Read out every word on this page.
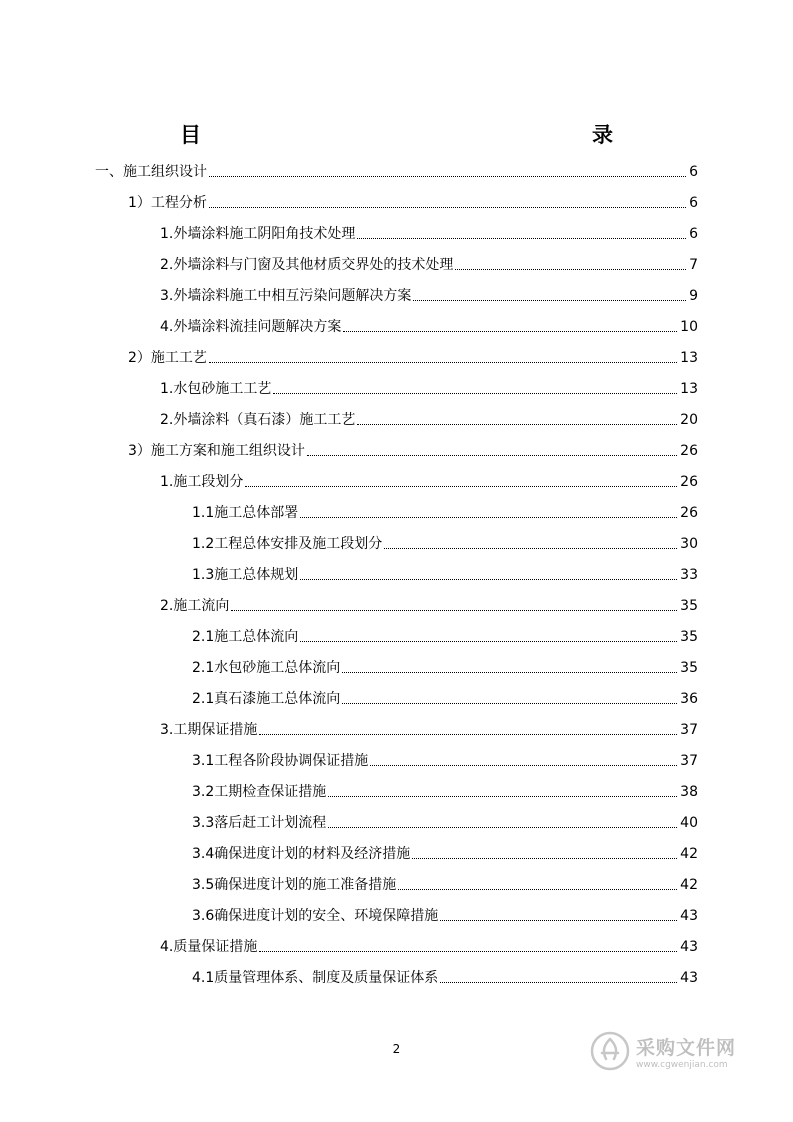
目　　　录
一、施工组织设计	6
1）工程分析	6
1.外墙涂料施工阴阳角技术处理	6
2.外墙涂料与门窗及其他材质交界处的技术处理	7
3.外墙涂料施工中相互污染问题解决方案	9
4.外墙涂料流挂问题解决方案	10
2）施工工艺	13
1.水包砂施工工艺	13
2.外墙涂料（真石漆）施工工艺	20
3）施工方案和施工组织设计	26
1.施工段划分	26
1.1施工总体部署	26
1.2工程总体安排及施工段划分	30
1.3施工总体规划	33
2.施工流向	35
2.1施工总体流向	35
2.1水包砂施工总体流向	35
2.1真石漆施工总体流向	36
3.工期保证措施	37
3.1工程各阶段协调保证措施	37
3.2工期检查保证措施	38
3.3落后赶工计划流程	40
3.4确保进度计划的材料及经济措施	42
3.5确保进度计划的施工准备措施	42
3.6确保进度计划的安全、环境保障措施	43
4.质量保证措施	43
4.1质量管理体系、制度及质量保证体系	43
2	采购文件网
www.cgwenjian.com
